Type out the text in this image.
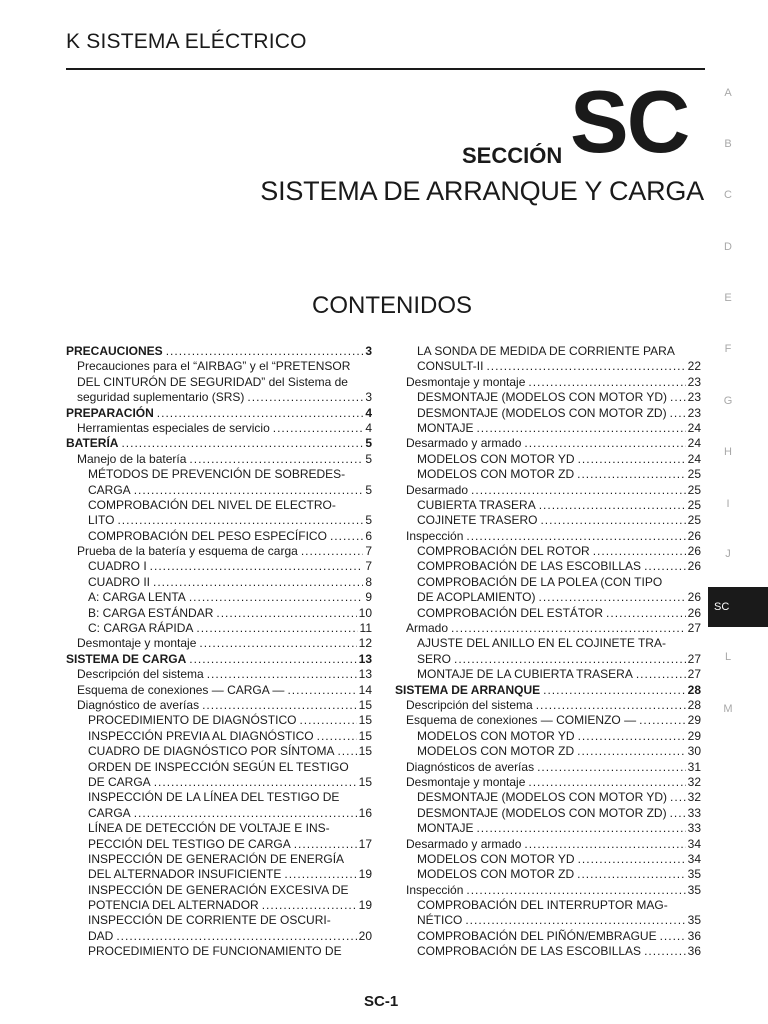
K SISTEMA ELÉCTRICO
SECCIÓN SC
SISTEMA DE ARRANQUE Y CARGA
CONTENIDOS
PRECAUCIONES .....	3
Precauciones para el “AIRBAG” y el “PRETENSOR
DEL CINTURÓN DE SEGURIDAD” del Sistema de
seguridad suplementario (SRS) .....	3
PREPARACIÓN .....	4
Herramientas especiales de servicio .....	4
BATERÍA .....	5
Manejo de la batería .....	5
MÉTODOS DE PREVENCIÓN DE SOBREDES-
CARGA .....	5
COMPROBACIÓN DEL NIVEL DE ELECTRO-
LITO .....	5
COMPROBACIÓN DEL PESO ESPECÍFICO .....	6
Prueba de la batería y esquema de carga .....	7
CUADRO I .....	7
CUADRO II .....	8
A: CARGA LENTA .....	9
B: CARGA ESTÁNDAR .....	10
C: CARGA RÁPIDA .....	11
Desmontaje y montaje .....	12
SISTEMA DE CARGA .....	13
Descripción del sistema .....	13
Esquema de conexiones — CARGA — .....	14
Diagnóstico de averías .....	15
PROCEDIMIENTO DE DIAGNÓSTICO .....	15
INSPECCIÓN PREVIA AL DIAGNÓSTICO .....	15
CUADRO DE DIAGNÓSTICO POR SÍNTOMA ..... 15
ORDEN DE INSPECCIÓN SEGÚN EL TESTIGO
DE CARGA .....	15
INSPECCIÓN DE LA LÍNEA DEL TESTIGO DE
CARGA .....	16
LÍNEA DE DETECCIÓN DE VOLTAJE E INS-
PECCIÓN DEL TESTIGO DE CARGA .....	17
INSPECCIÓN DE GENERACIÓN DE ENERGÍA
DEL ALTERNADOR INSUFICIENTE .....	19
INSPECCIÓN DE GENERACIÓN EXCESIVA DE
POTENCIA DEL ALTERNADOR .....	19
INSPECCIÓN DE CORRIENTE DE OSCURI-
DAD .....	20
PROCEDIMIENTO DE FUNCIONAMIENTO DE
LA SONDA DE MEDIDA DE CORRIENTE PARA
CONSULT-II .....	22
Desmontaje y montaje .....	23
DESMONTAJE (MODELOS CON MOTOR YD) ..... 23
DESMONTAJE (MODELOS CON MOTOR ZD) ..... 23
MONTAJE .....	24
Desarmado y armado .....	24
MODELOS CON MOTOR YD .....	24
MODELOS CON MOTOR ZD .....	25
Desarmado .....	25
CUBIERTA TRASERA .....	25
COJINETE TRASERO .....	25
Inspección .....	26
COMPROBACIÓN DEL ROTOR .....	26
COMPROBACIÓN DE LAS ESCOBILLAS .....	26
COMPROBACIÓN DE LA POLEA (CON TIPO
DE ACOPLAMIENTO) .....	26
COMPROBACIÓN DEL ESTÁTOR .....	26
Armado .....	27
AJUSTE DEL ANILLO EN EL COJINETE TRA-
SERO .....	27
MONTAJE DE LA CUBIERTA TRASERA .....	27
SISTEMA DE ARRANQUE .....	28
Descripción del sistema .....	28
Esquema de conexiones — COMIENZO — .....	29
MODELOS CON MOTOR YD .....	29
MODELOS CON MOTOR ZD .....	30
Diagnósticos de averías .....	31
Desmontaje y montaje .....	32
DESMONTAJE (MODELOS CON MOTOR YD) ..... 32
DESMONTAJE (MODELOS CON MOTOR ZD) ..... 33
MONTAJE .....	33
Desarmado y armado .....	34
MODELOS CON MOTOR YD .....	34
MODELOS CON MOTOR ZD .....	35
Inspección .....	35
COMPROBACIÓN DEL INTERRUPTOR MAG-
NÉTICO .....	35
COMPROBACIÓN DEL PIÑÓN/EMBRAGUE .....	36
COMPROBACIÓN DE LAS ESCOBILLAS .....	36
A
B
C
D
E
F
G
H
I
J
L
M
SC
SC-1
